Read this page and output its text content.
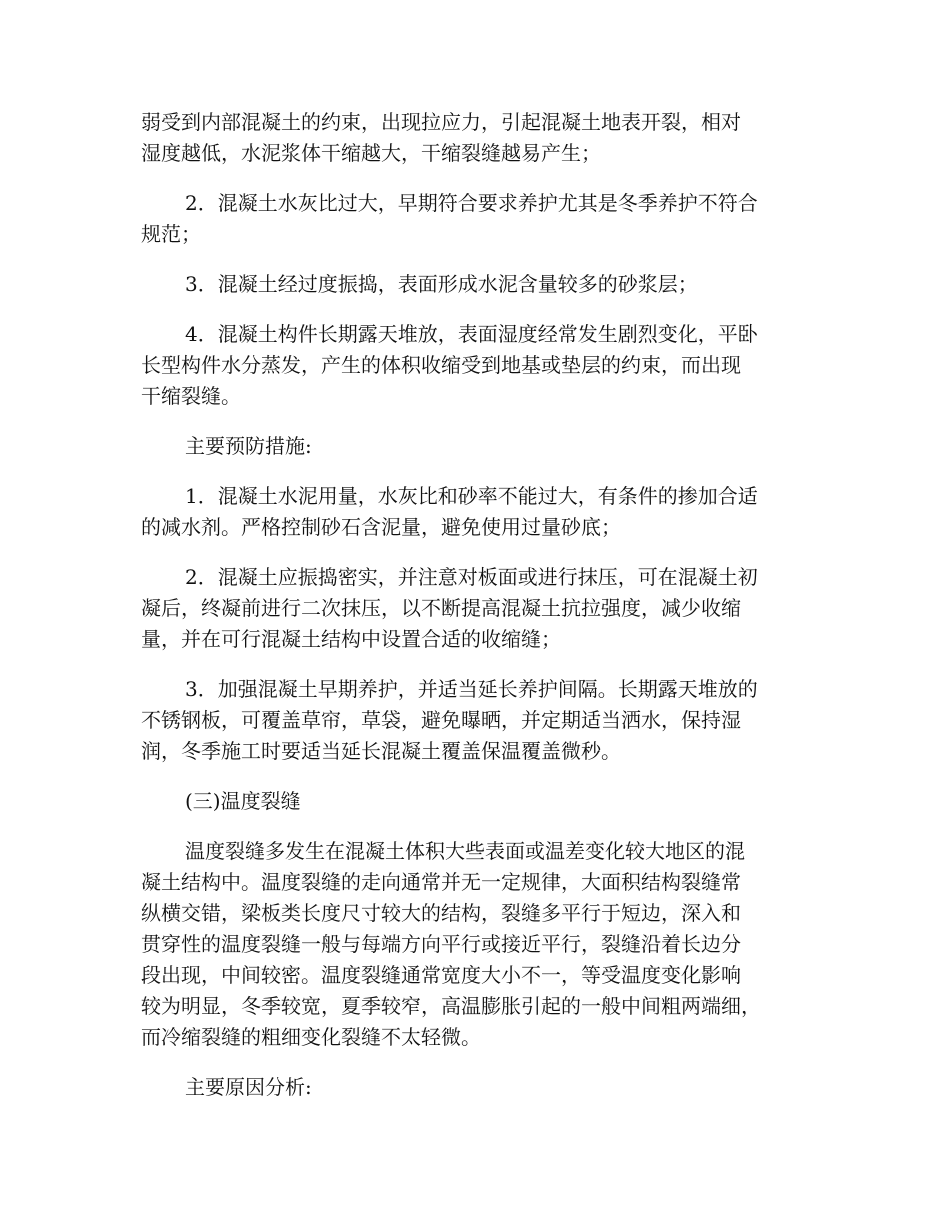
弱受到内部混凝土的约束，出现拉应力，引起混凝土地表开裂，相对
湿度越低，水泥浆体干缩越大，干缩裂缝越易产生；
2．混凝土水灰比过大，早期符合要求养护尤其是冬季养护不符合
规范；
3．混凝土经过度振捣，表面形成水泥含量较多的砂浆层；
4．混凝土构件长期露天堆放，表面湿度经常发生剧烈变化，平卧
长型构件水分蒸发，产生的体积收缩受到地基或垫层的约束，而出现
干缩裂缝。
主要预防措施:
1．混凝土水泥用量，水灰比和砂率不能过大，有条件的掺加合适
的减水剂。严格控制砂石含泥量，避免使用过量砂底；
2．混凝土应振捣密实，并注意对板面或进行抹压，可在混凝土初
凝后，终凝前进行二次抹压，以不断提高混凝土抗拉强度，减少收缩
量，并在可行混凝土结构中设置合适的收缩缝；
3．加强混凝土早期养护，并适当延长养护间隔。长期露天堆放的
不锈钢板，可覆盖草帘，草袋，避免曝晒，并定期适当洒水，保持湿
润，冬季施工时要适当延长混凝土覆盖保温覆盖微秒。
(三)温度裂缝
温度裂缝多发生在混凝土体积大些表面或温差变化较大地区的混
凝土结构中。温度裂缝的走向通常并无一定规律，大面积结构裂缝常
纵横交错，梁板类长度尺寸较大的结构，裂缝多平行于短边，深入和
贯穿性的温度裂缝一般与每端方向平行或接近平行，裂缝沿着长边分
段出现，中间较密。温度裂缝通常宽度大小不一，等受温度变化影响
较为明显，冬季较宽，夏季较窄，高温膨胀引起的一般中间粗两端细，
而冷缩裂缝的粗细变化裂缝不太轻微。
主要原因分析:
